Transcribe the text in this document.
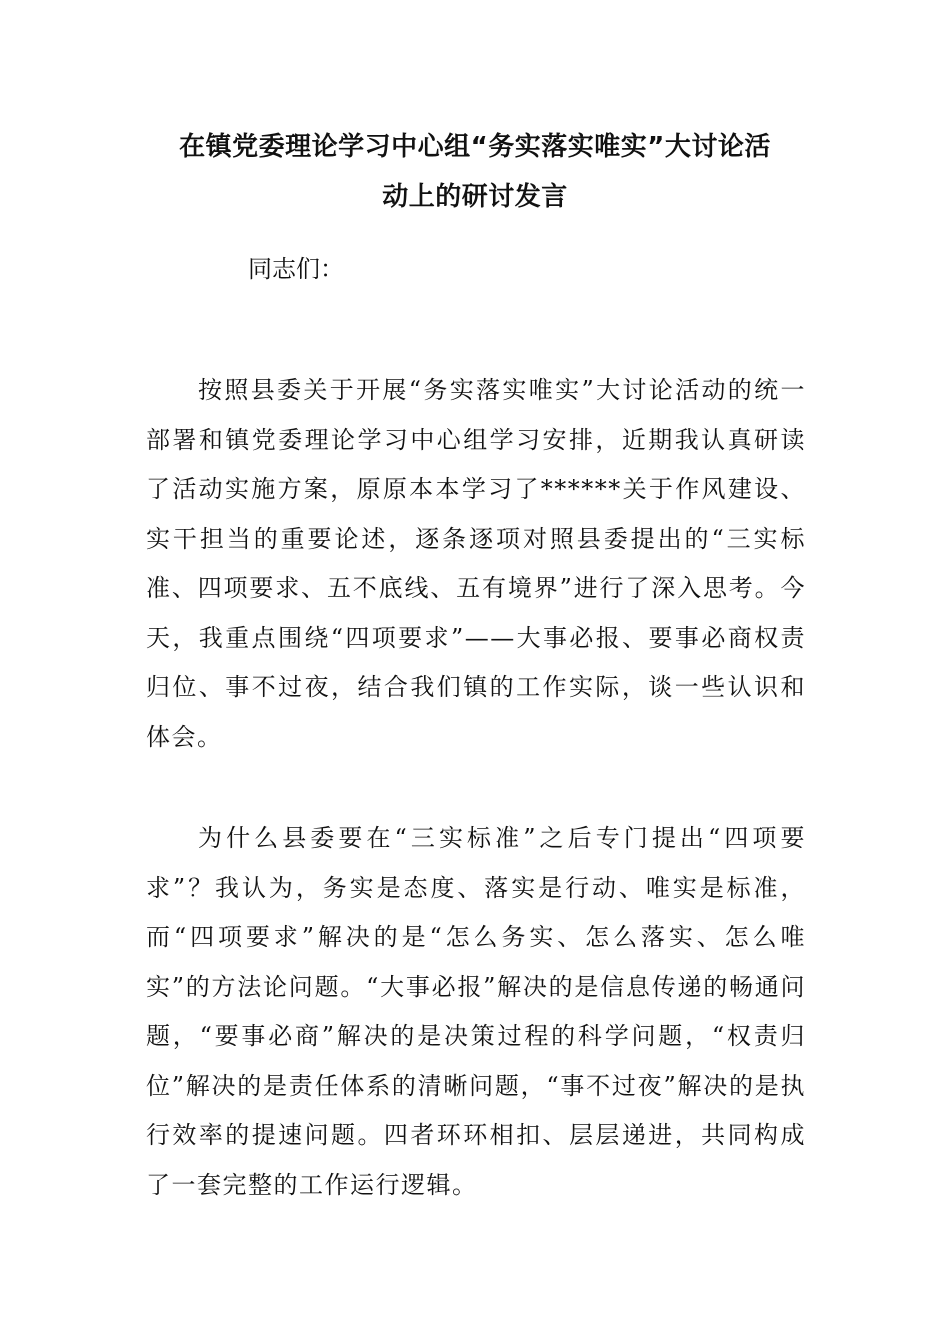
在镇党委理论学习中心组“务实落实唯实”大讨论活
动上的研讨发言

同志们：

按照县委关于开展“务实落实唯实”大讨论活动的统一部署和镇党委理论学习中心组学习安排，近期我认真研读了活动实施方案，原原本本学习了******关于作风建设、实干担当的重要论述，逐条逐项对照县委提出的“三实标准、四项要求、五不底线、五有境界”进行了深入思考。今天，我重点围绕“四项要求”——大事必报、要事必商权责归位、事不过夜，结合我们镇的工作实际，谈一些认识和体会。

为什么县委要在“三实标准”之后专门提出“四项要求”？我认为，务实是态度、落实是行动、唯实是标准，而“四项要求”解决的是“怎么务实、怎么落实、怎么唯实”的方法论问题。“大事必报”解决的是信息传递的畅通问题，“要事必商”解决的是决策过程的科学问题，“权责归位”解决的是责任体系的清晰问题，“事不过夜”解决的是执行效率的提速问题。四者环环相扣、层层递进，共同构成了一套完整的工作运行逻辑。
